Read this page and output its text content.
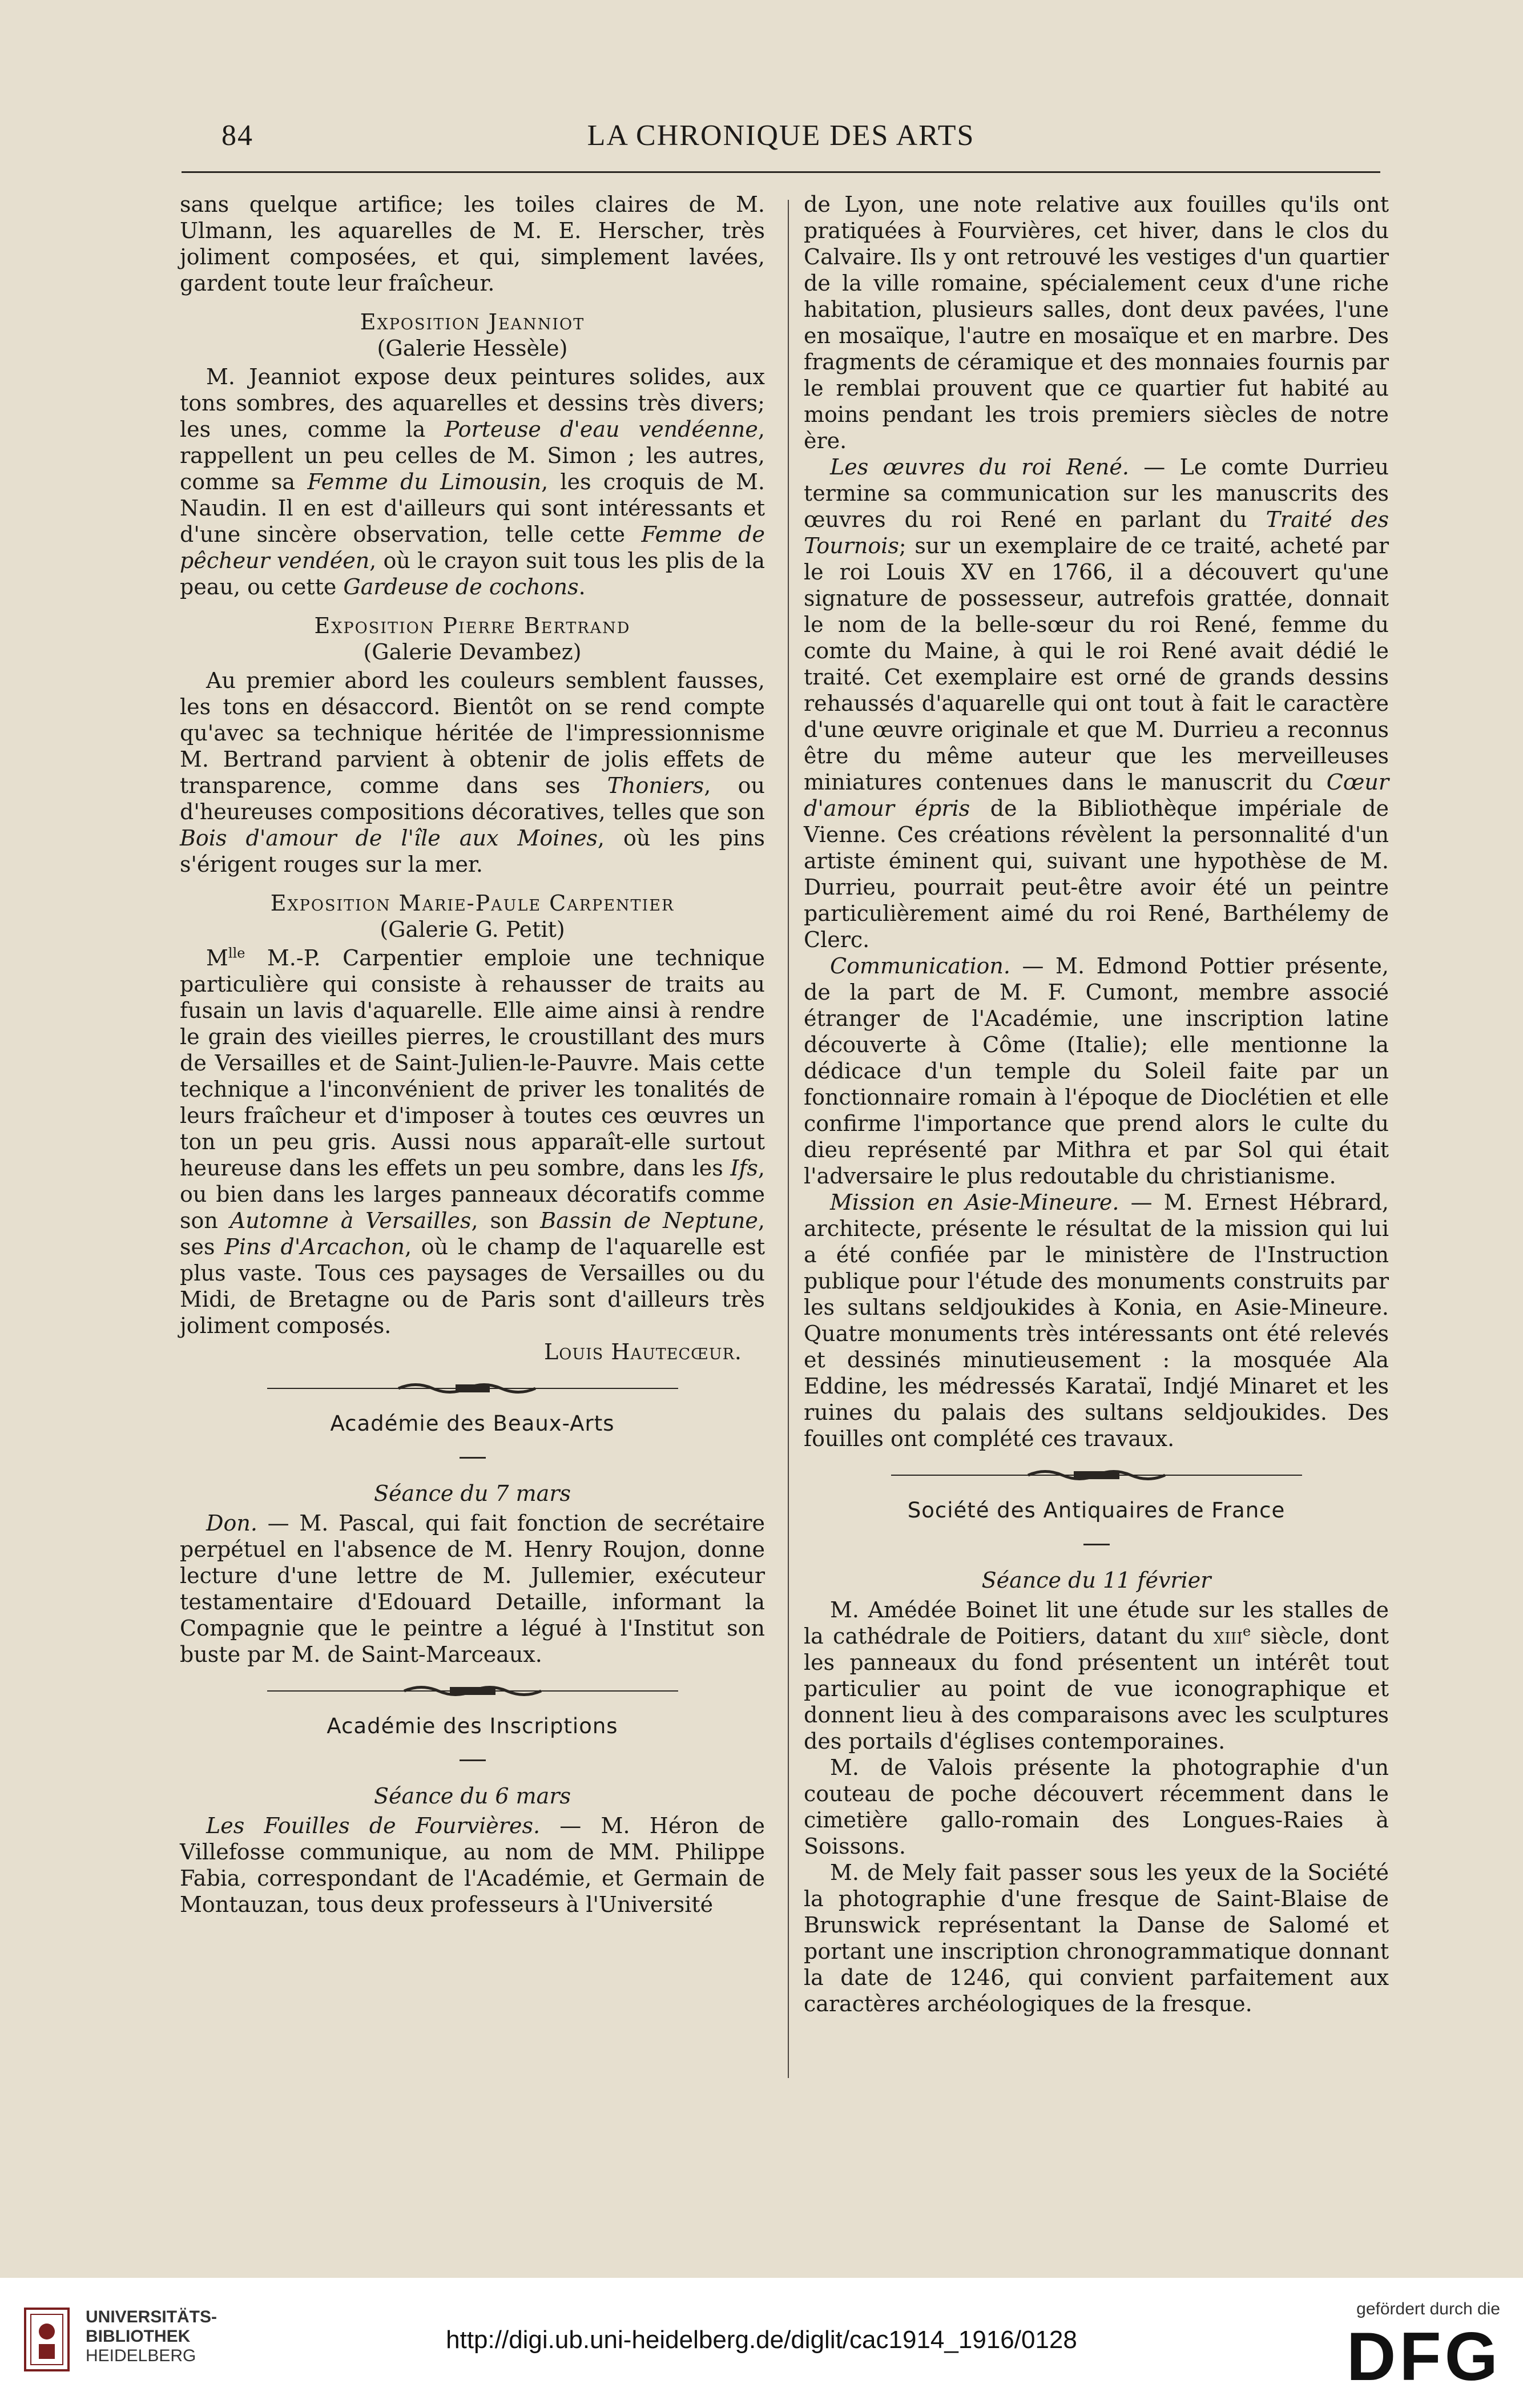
84	LA CHRONIQUE DES ARTS

sans quelque artifice; les toiles claires de M. Ulmann, les aquarelles de M. E. Herscher, très joliment composées, et qui, simplement lavées, gardent toute leur fraîcheur.

Exposition Jeanniot
(Galerie Hessèle)

M. Jeanniot expose deux peintures solides, aux tons sombres, des aquarelles et dessins très divers; les unes, comme la Porteuse d'eau vendéenne, rappellent un peu celles de M. Simon ; les autres, comme sa Femme du Limousin, les croquis de M. Naudin. Il en est d'ailleurs qui sont intéressants et d'une sincère observation, telle cette Femme de pêcheur vendéen, où le crayon suit tous les plis de la peau, ou cette Gardeuse de cochons.

Exposition Pierre Bertrand
(Galerie Devambez)

Au premier abord les couleurs semblent fausses, les tons en désaccord. Bientôt on se rend compte qu'avec sa technique héritée de l'impressionnisme M. Bertrand parvient à obtenir de jolis effets de transparence, comme dans ses Thoniers, ou d'heureuses compositions décoratives, telles que son Bois d'amour de l'île aux Moines, où les pins s'érigent rouges sur la mer.

Exposition Marie-Paule Carpentier
(Galerie G. Petit)

$M^{lle}$ M.-P. Carpentier emploie une technique particulière qui consiste à rehausser de traits au fusain un lavis d'aquarelle. Elle aime ainsi à rendre le grain des vieilles pierres, le croustillant des murs de Versailles et de Saint-Julien-le-Pauvre. Mais cette technique a l'inconvénient de priver les tonalités de leurs fraîcheur et d'imposer à toutes ces œuvres un ton un peu gris. Aussi nous apparaît-elle surtout heureuse dans les effets un peu sombre, dans les Ifs, ou bien dans les larges panneaux décoratifs comme son Automne à Versailles, son Bassin de Neptune, ses Pins d'Arcachon, où le champ de l'aquarelle est plus vaste. Tous ces paysages de Versailles ou du Midi, de Bretagne ou de Paris sont d'ailleurs très joliment composés.

Louis Hautecœur.
Académie des Beaux-Arts
Séance du 7 mars

Don. — M. Pascal, qui fait fonction de secrétaire perpétuel en l'absence de M. Henry Roujon, donne lecture d'une lettre de M. Jullemier, exécuteur testamentaire d'Edouard Detaille, informant la Compagnie que le peintre a légué à l'Institut son buste par M. de Saint-Marceaux.

Académie des Inscriptions
Séance du 6 mars

Les Fouilles de Fourvières. — M. Héron de Villefosse communique, au nom de MM. Philippe Fabia, correspondant de l'Académie, et Germain de Montauzan, tous deux professeurs à l'Université

de Lyon, une note relative aux fouilles qu'ils ont pratiquées à Fourvières, cet hiver, dans le clos du Calvaire. Ils y ont retrouvé les vestiges d'un quartier de la ville romaine, spécialement ceux d'une riche habitation, plusieurs salles, dont deux pavées, l'une en mosaïque, l'autre en mosaïque et en marbre. Des fragments de céramique et des monnaies fournis par le remblai prouvent que ce quartier fut habité au moins pendant les trois premiers siècles de notre ère.

Les œuvres du roi René. — Le comte Durrieu termine sa communication sur les manuscrits des œuvres du roi René en parlant du Traité des Tournois; sur un exemplaire de ce traité, acheté par le roi Louis XV en 1766, il a découvert qu'une signature de possesseur, autrefois grattée, donnait le nom de la belle-sœur du roi René, femme du comte du Maine, à qui le roi René avait dédié le traité. Cet exemplaire est orné de grands dessins rehaussés d'aquarelle qui ont tout à fait le caractère d'une œuvre originale et que M. Durrieu a reconnus être du même auteur que les merveilleuses miniatures contenues dans le manuscrit du Cœur d'amour épris de la Bibliothèque impériale de Vienne. Ces créations révèlent la personnalité d'un artiste éminent qui, suivant une hypothèse de M. Durrieu, pourrait peut-être avoir été un peintre particulièrement aimé du roi René, Barthélemy de Clerc.

Communication. — M. Edmond Pottier présente, de la part de M. F. Cumont, membre associé étranger de l'Académie, une inscription latine découverte à Côme (Italie); elle mentionne la dédicace d'un temple du Soleil faite par un fonctionnaire romain à l'époque de Dioclétien et elle confirme l'importance que prend alors le culte du dieu représenté par Mithra et par Sol qui était l'adversaire le plus redoutable du christianisme.

Mission en Asie-Mineure. — M. Ernest Hébrard, architecte, présente le résultat de la mission qui lui a été confiée par le ministère de l'Instruction publique pour l'étude des monuments construits par les sultans seldjoukides à Konia, en Asie-Mineure. Quatre monuments très intéressants ont été relevés et dessinés minutieusement : la mosquée Ala Eddine, les médressés Karataï, Indjé Minaret et les ruines du palais des sultans seldjoukides. Des fouilles ont complété ces travaux.

Société des Antiquaires de France
Séance du 11 février

M. Amédée Boinet lit une étude sur les stalles de la cathédrale de Poitiers, datant du xiii$^e$ siècle, dont les panneaux du fond présentent un intérêt tout particulier au point de vue iconographique et donnent lieu à des comparaisons avec les sculptures des portails d'églises contemporaines.

M. de Valois présente la photographie d'un couteau de poche découvert récemment dans le cimetière gallo-romain des Longues-Raies à Soissons.

M. de Mely fait passer sous les yeux de la Société la photographie d'une fresque de Saint-Blaise de Brunswick représentant la Danse de Salomé et portant une inscription chronogrammatique donnant la date de 1246, qui convient parfaitement aux caractères archéologiques de la fresque.

UNIVERSITÄTS-
BIBLIOTHEK
HEIDELBERG
http://digi.ub.uni-heidelberg.de/diglit/cac1914_1916/0128
gefördert durch die
DFG
